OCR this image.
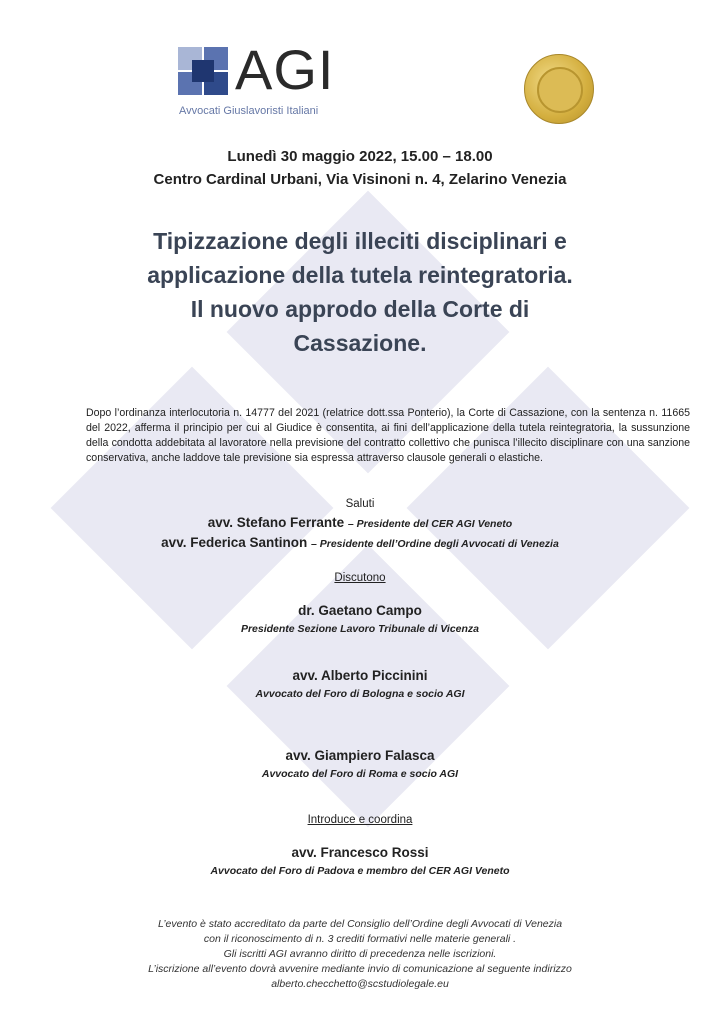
AGI
Avvocati Giuslavoristi Italiani
Lunedì 30 maggio 2022, 15.00 – 18.00
Centro Cardinal Urbani, Via Visinoni n. 4, Zelarino Venezia
Tipizzazione degli illeciti disciplinari e
applicazione della tutela reintegratoria.
Il nuovo approdo della Corte di
Cassazione.
Dopo l’ordinanza interlocutoria n. 14777 del 2021 (relatrice dott.ssa Ponterio), la Corte di Cassazione, con la sentenza n. 11665 del 2022, afferma il principio per cui al Giudice è consentita, ai fini dell’applicazione della tutela reintegratoria, la sussunzione della condotta addebitata al lavoratore nella previsione del contratto collettivo che punisca l’illecito disciplinare con una sanzione conservativa, anche laddove tale previsione sia espressa attraverso clausole generali o elastiche.
Saluti
avv. Stefano Ferrante – Presidente del CER AGI Veneto
avv. Federica Santinon – Presidente dell’Ordine degli Avvocati di Venezia
Discutono
dr. Gaetano Campo
Presidente Sezione Lavoro Tribunale di Vicenza
avv. Alberto Piccinini
Avvocato del Foro di Bologna e socio AGI
avv. Giampiero Falasca
Avvocato del Foro di Roma e socio AGI
Introduce e coordina
avv. Francesco Rossi
Avvocato del Foro di Padova e membro del CER AGI Veneto
L’evento è stato accreditato da parte del Consiglio dell’Ordine degli Avvocati di Venezia
con il riconoscimento di n. 3 crediti formativi nelle materie generali .
Gli iscritti AGI avranno diritto di precedenza nelle iscrizioni.
L’iscrizione all’evento dovrà avvenire mediante invio di comunicazione al seguente indirizzo
alberto.checchetto@scstudiolegale.eu
